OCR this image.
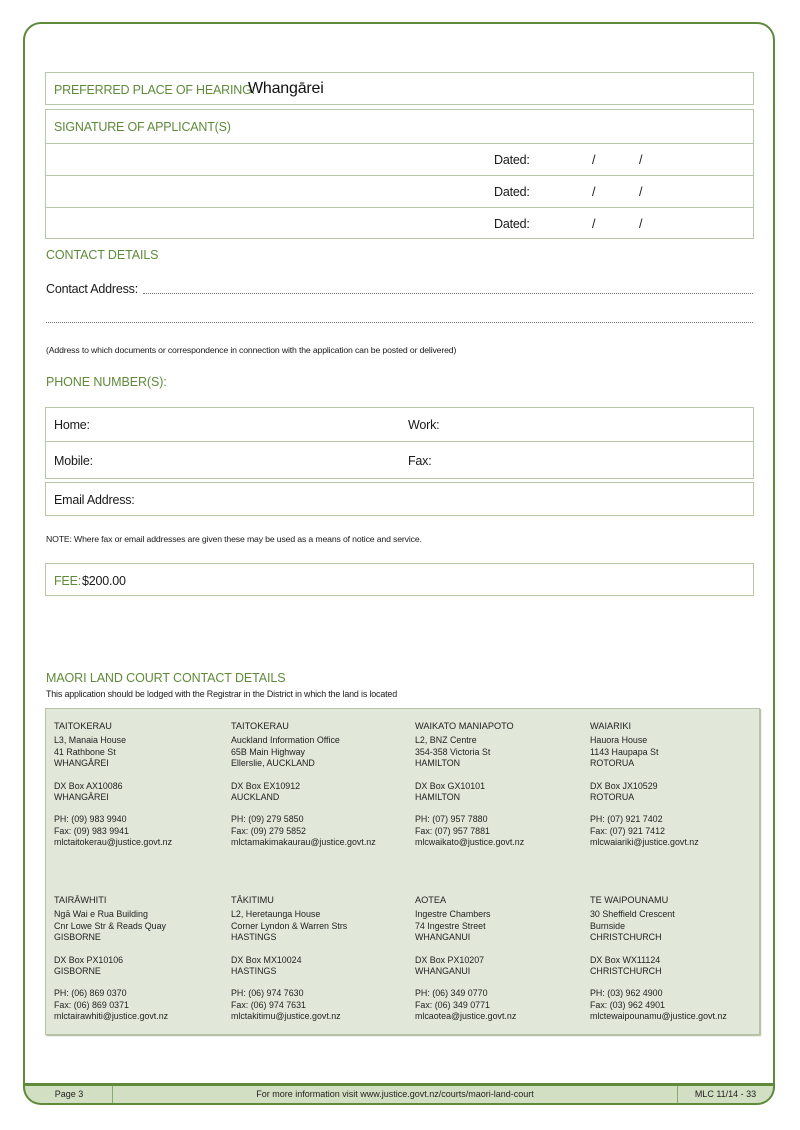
PREFERRED PLACE OF HEARING:
Whangārei
SIGNATURE OF APPLICANT(S)
Dated:	/	/
Dated:	/	/
Dated:	/	/
CONTACT DETAILS
Contact Address:
(Address to which documents or correspondence in connection with the application can be posted or delivered)
PHONE NUMBER(S):
Home:	Work:
Mobile:	Fax:
Email Address:
NOTE: Where fax or email addresses are given these may be used as a means of notice and service.
FEE: $200.00
MAORI LAND COURT CONTACT DETAILS
This application should be lodged with the Registrar in the District in which the land is located
TAITOKERAU
L3, Manaia House
41 Rathbone St
WHANGĀREI
DX Box AX10086
WHANGĀREI
PH: (09) 983 9940
Fax: (09) 983 9941
mlctaitokerau@justice.govt.nz
TAITOKERAU
Auckland Information Office
65B Main Highway
Ellerslie, AUCKLAND
DX Box EX10912
AUCKLAND
PH: (09) 279 5850
Fax: (09) 279 5852
mlctamakimakaurau@justice.govt.nz
WAIKATO MANIAPOTO
L2, BNZ Centre
354-358 Victoria St
HAMILTON
DX Box GX10101
HAMILTON
PH: (07) 957 7880
Fax: (07) 957 7881
mlcwaikato@justice.govt.nz
WAIARIKI
Hauora House
1143 Haupapa St
ROTORUA
DX Box JX10529
ROTORUA
PH: (07) 921 7402
Fax: (07) 921 7412
mlcwaiariki@justice.govt.nz
TAIRĀWHITI
Ngā Wai e Rua Building
Cnr Lowe Str & Reads Quay
GISBORNE
DX Box PX10106
GISBORNE
PH: (06) 869 0370
Fax: (06) 869 0371
mlctairawhiti@justice.govt.nz
TĀKITIMU
L2, Heretaunga House
Corner Lyndon & Warren Strs
HASTINGS
DX Box MX10024
HASTINGS
PH: (06) 974 7630
Fax: (06) 974 7631
mlctakitimu@justice.govt.nz
AOTEA
Ingestre Chambers
74 Ingestre Street
WHANGANUI
DX Box PX10207
WHANGANUI
PH: (06) 349 0770
Fax: (06) 349 0771
mlcaotea@justice.govt.nz
TE WAIPOUNAMU
30 Sheffield Crescent
Burnside
CHRISTCHURCH
DX Box WX11124
CHRISTCHURCH
PH: (03) 962 4900
Fax: (03) 962 4901
mlctewaipounamu@justice.govt.nz
Page 3	For more information visit www.justice.govt.nz/courts/maori-land-court	MLC 11/14 - 33
